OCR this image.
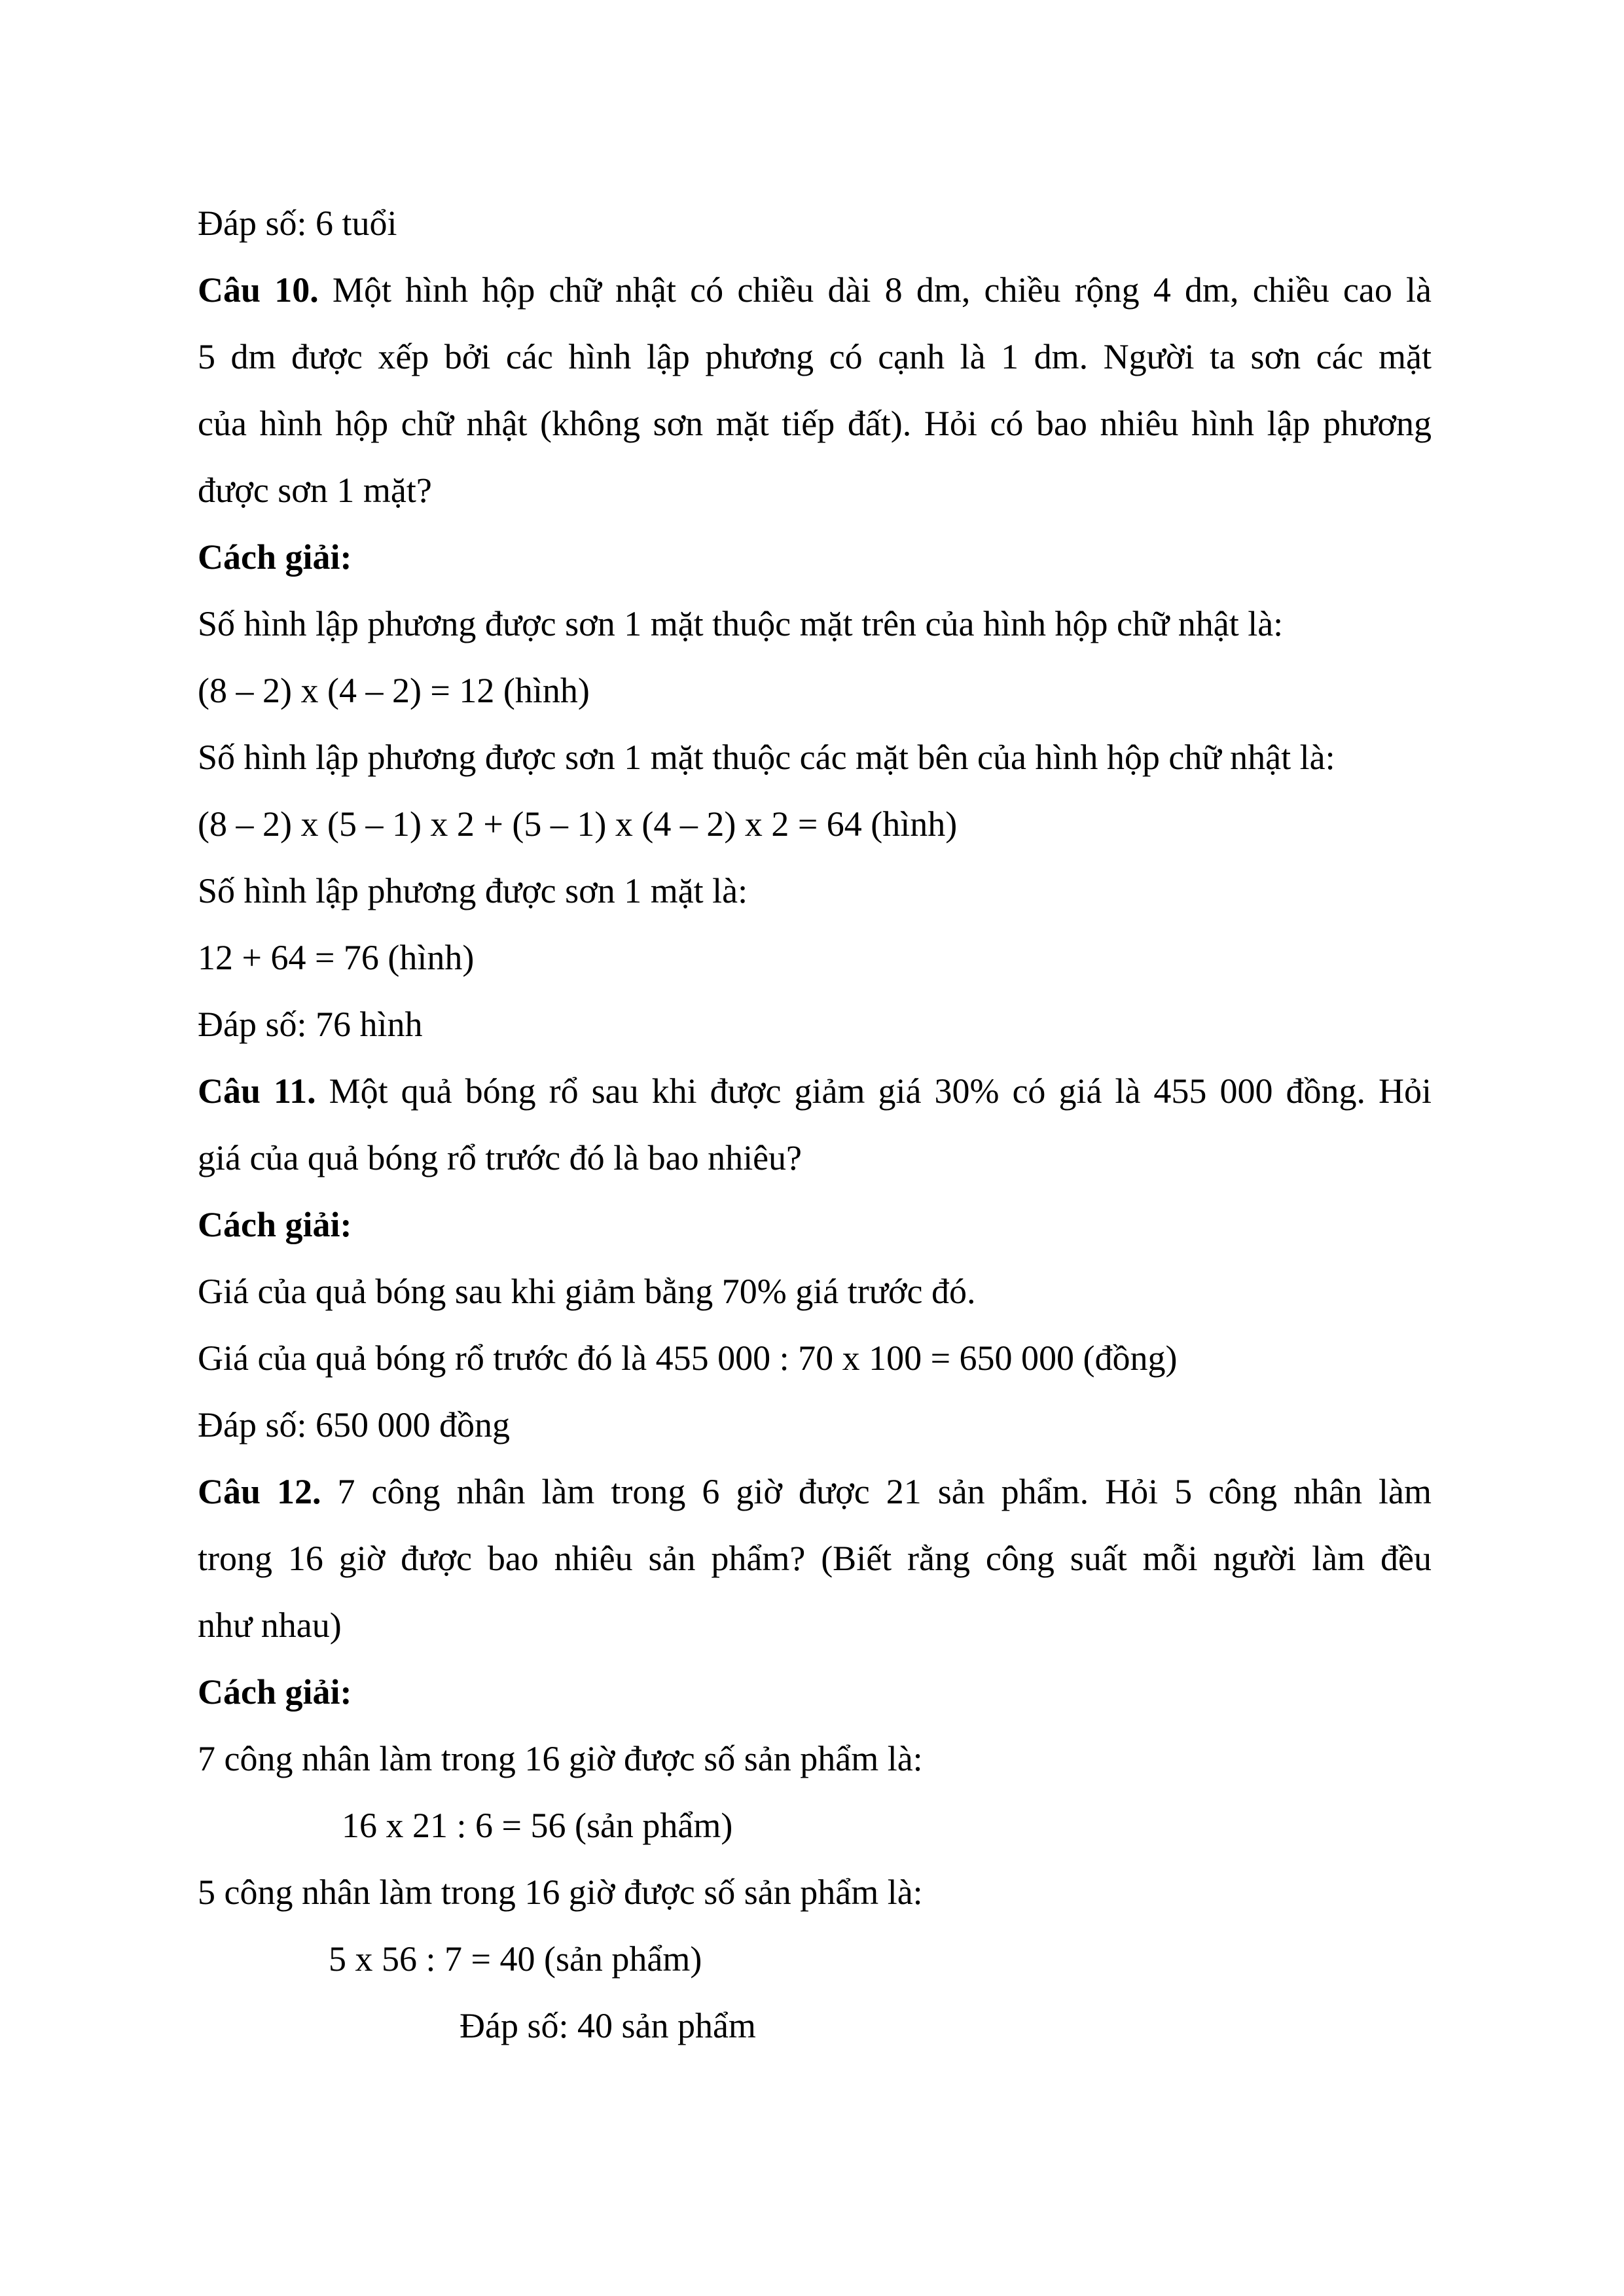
Đáp số: 6 tuổi
Câu 10. Một hình hộp chữ nhật có chiều dài 8 dm, chiều rộng 4 dm, chiều cao là
5 dm được xếp bởi các hình lập phương có cạnh là 1 dm. Người ta sơn các mặt
của hình hộp chữ nhật (không sơn mặt tiếp đất). Hỏi có bao nhiêu hình lập phương
được sơn 1 mặt?
Cách giải:
Số hình lập phương được sơn 1 mặt thuộc mặt trên của hình hộp chữ nhật là:
(8 – 2) x (4 – 2) = 12 (hình)
Số hình lập phương được sơn 1 mặt thuộc các mặt bên của hình hộp chữ nhật là:
(8 – 2) x (5 – 1) x 2 + (5 – 1) x (4 – 2) x 2 = 64 (hình)
Số hình lập phương được sơn 1 mặt là:
12 + 64 = 76 (hình)
Đáp số: 76 hình
Câu 11. Một quả bóng rổ sau khi được giảm giá 30% có giá là 455 000 đồng. Hỏi
giá của quả bóng rổ trước đó là bao nhiêu?
Cách giải:
Giá của quả bóng sau khi giảm bằng 70% giá trước đó.
Giá của quả bóng rổ trước đó là 455 000 : 70 x 100 = 650 000 (đồng)
Đáp số: 650 000 đồng
Câu 12. 7 công nhân làm trong 6 giờ được 21 sản phẩm. Hỏi 5 công nhân làm
trong 16 giờ được bao nhiêu sản phẩm? (Biết rằng công suất mỗi người làm đều
như nhau)
Cách giải:
7 công nhân làm trong 16 giờ được số sản phẩm là:
16 x 21 : 6 = 56 (sản phẩm)
5 công nhân làm trong 16 giờ được số sản phẩm là:
5 x 56 : 7 = 40 (sản phẩm)
Đáp số: 40 sản phẩm
